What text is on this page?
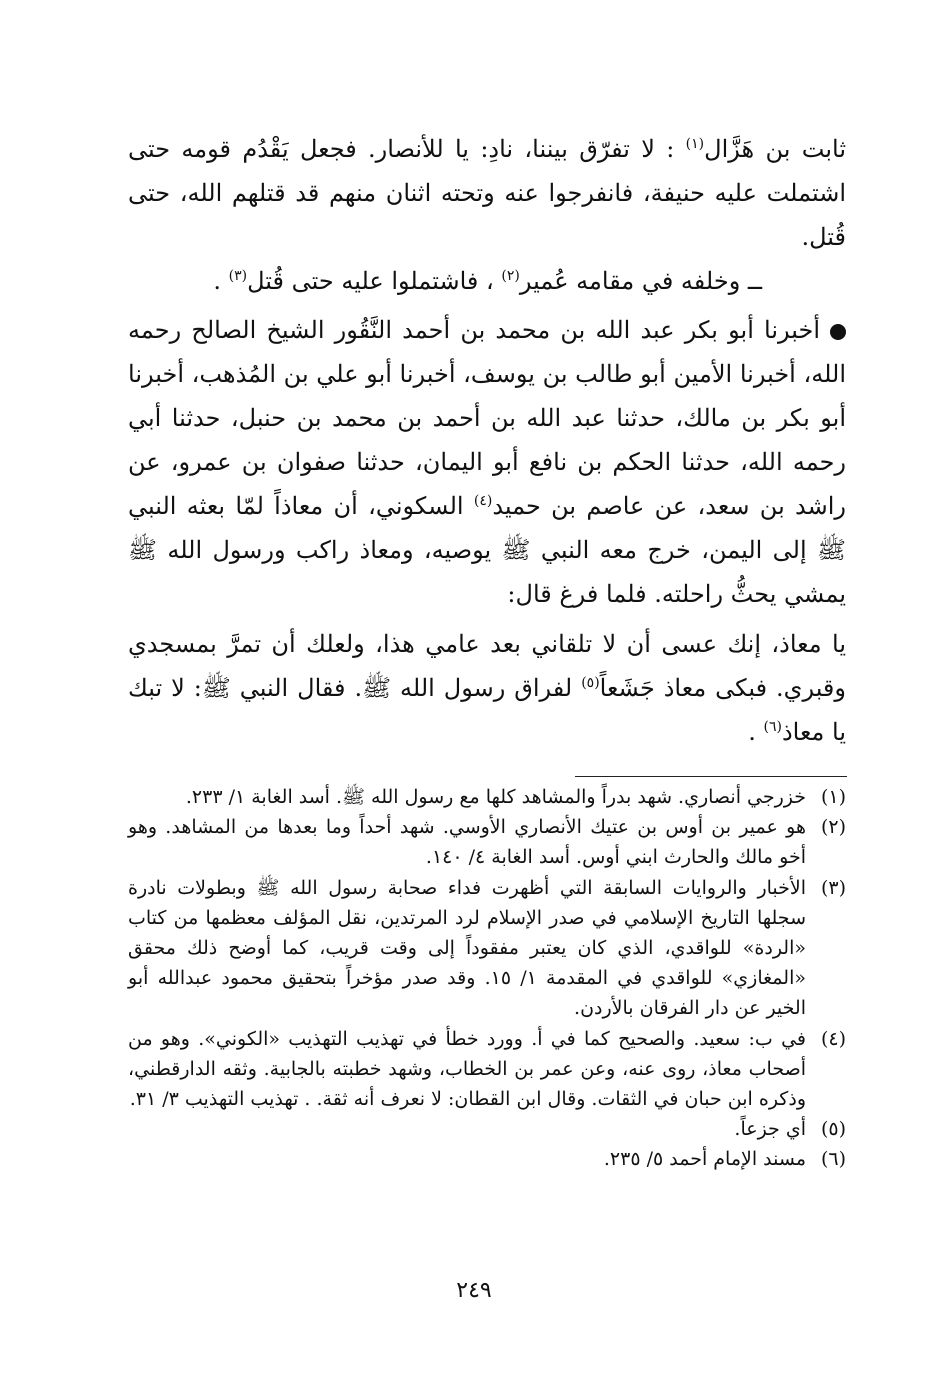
ثابت بن هَزَّال$^{(١)}$ : لا تفرّق بيننا، نادِ: يا للأنصار. فجعل يَقْدُم قومه حتى اشتملت عليه حنيفة، فانفرجوا عنه وتحته اثنان منهم قد قتلهم الله، حتى قُتل.

ــ وخلفه في مقامه عُمير$^{(٢)}$ ، فاشتملوا عليه حتى قُتل$^{(٣)}$ .

أخبرنا أبو بكر عبد الله بن محمد بن أحمد النَّقُور الشيخ الصالح رحمه الله، أخبرنا الأمين أبو طالب بن يوسف، أخبرنا أبو علي بن المُذهب، أخبرنا أبو بكر بن مالك، حدثنا عبد الله بن أحمد بن محمد بن حنبل، حدثنا أبي رحمه الله، حدثنا الحكم بن نافع أبو اليمان، حدثنا صفوان بن عمرو، عن راشد بن سعد، عن عاصم بن حميد$^{(٤)}$ السكوني، أن معاذاً لمّا بعثه النبي ﷺ إلى اليمن، خرج معه النبي ﷺ يوصيه، ومعاذ راكب ورسول الله ﷺ يمشي يحثُّ راحلته. فلما فرغ قال:

يا معاذ، إنك عسى أن لا تلقاني بعد عامي هذا، ولعلك أن تمرَّ بمسجدي وقبري. فبكى معاذ جَشَعاً$^{(٥)}$ لفراق رسول الله ﷺ. فقال النبي ﷺ: لا تبك يا معاذ$^{(٦)}$ .

(١)
خزرجي أنصاري. شهد بدراً والمشاهد كلها مع رسول الله ﷺ. أسد الغابة ١/ ٢٣٣.
(٢)
هو عمير بن أوس بن عتيك الأنصاري الأوسي. شهد أحداً وما بعدها من المشاهد. وهو أخو مالك والحارث ابني أوس. أسد الغابة ٤/ ١٤٠.
(٣)
الأخبار والروايات السابقة التي أظهرت فداء صحابة رسول الله ﷺ وبطولات نادرة سجلها التاريخ الإسلامي في صدر الإسلام لرد المرتدين، نقل المؤلف معظمها من كتاب «الردة» للواقدي، الذي كان يعتبر مفقوداً إلى وقت قريب، كما أوضح ذلك محقق «المغازي» للواقدي في المقدمة ١/ ١٥. وقد صدر مؤخراً بتحقيق محمود عبدالله أبو الخير عن دار الفرقان بالأردن.
(٤)
في ب: سعيد. والصحيح كما في أ. وورد خطأ في تهذيب التهذيب «الكوني». وهو من أصحاب معاذ، روى عنه، وعن عمر بن الخطاب، وشهد خطبته بالجابية. وثقه الدارقطني، وذكره ابن حبان في الثقات. وقال ابن القطان: لا نعرف أنه ثقة. . تهذيب التهذيب ٣/ ٣١.
(٥)
أي جزعاً.
(٦)
مسند الإمام أحمد ٥/ ٢٣٥.
٢٤٩
